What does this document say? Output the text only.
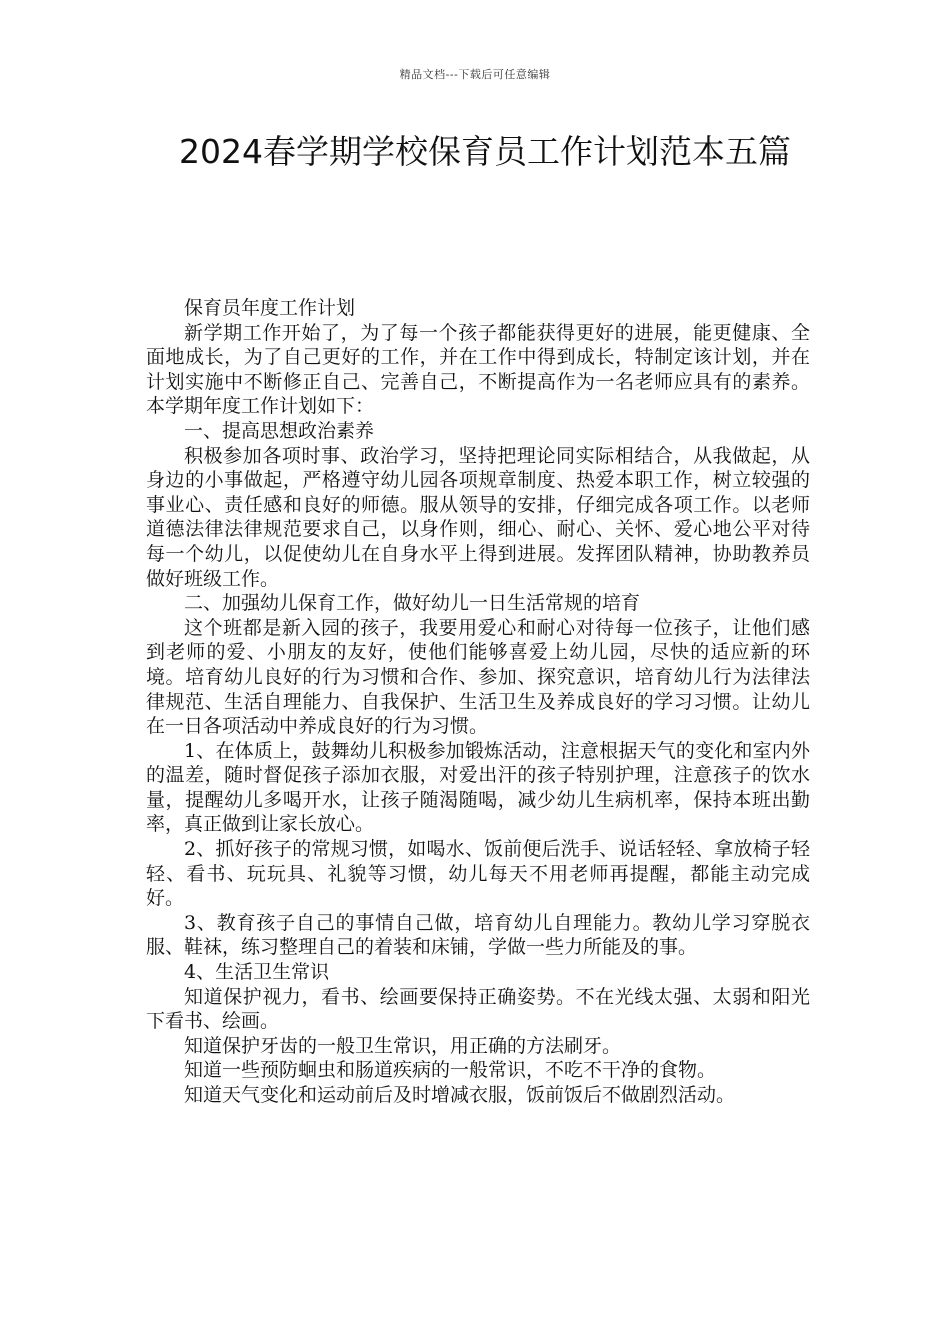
精品文档---下载后可任意编辑
2024春学期学校保育员工作计划范本五篇

保育员年度工作计划

新学期工作开始了，为了每一个孩子都能获得更好的进展，能更健康、全面地成长，为了自己更好的工作，并在工作中得到成长，特制定该计划，并在计划实施中不断修正自己、完善自己，不断提高作为一名老师应具有的素养。本学期年度工作计划如下：

一、提高思想政治素养

积极参加各项时事、政治学习，坚持把理论同实际相结合，从我做起，从身边的小事做起，严格遵守幼儿园各项规章制度、热爱本职工作，树立较强的事业心、责任感和良好的师德。服从领导的安排，仔细完成各项工作。以老师道德法律法律规范要求自己，以身作则，细心、耐心、关怀、爱心地公平对待每一个幼儿，以促使幼儿在自身水平上得到进展。发挥团队精神，协助教养员做好班级工作。

二、加强幼儿保育工作，做好幼儿一日生活常规的培育

这个班都是新入园的孩子，我要用爱心和耐心对待每一位孩子，让他们感到老师的爱、小朋友的友好，使他们能够喜爱上幼儿园，尽快的适应新的环境。培育幼儿良好的行为习惯和合作、参加、探究意识，培育幼儿行为法律法律规范、生活自理能力、自我保护、生活卫生及养成良好的学习习惯。让幼儿在一日各项活动中养成良好的行为习惯。

1、在体质上，鼓舞幼儿积极参加锻炼活动，注意根据天气的变化和室内外的温差，随时督促孩子添加衣服，对爱出汗的孩子特别护理，注意孩子的饮水量，提醒幼儿多喝开水，让孩子随渴随喝，减少幼儿生病机率，保持本班出勤率，真正做到让家长放心。

2、抓好孩子的常规习惯，如喝水、饭前便后洗手、说话轻轻、拿放椅子轻轻、看书、玩玩具、礼貌等习惯，幼儿每天不用老师再提醒，都能主动完成好。

3、教育孩子自己的事情自己做，培育幼儿自理能力。教幼儿学习穿脱衣服、鞋袜，练习整理自己的着装和床铺，学做一些力所能及的事。

4、生活卫生常识

知道保护视力，看书、绘画要保持正确姿势。不在光线太强、太弱和阳光下看书、绘画。

知道保护牙齿的一般卫生常识，用正确的方法刷牙。

知道一些预防蛔虫和肠道疾病的一般常识，不吃不干净的食物。

知道天气变化和运动前后及时增减衣服，饭前饭后不做剧烈活动。
